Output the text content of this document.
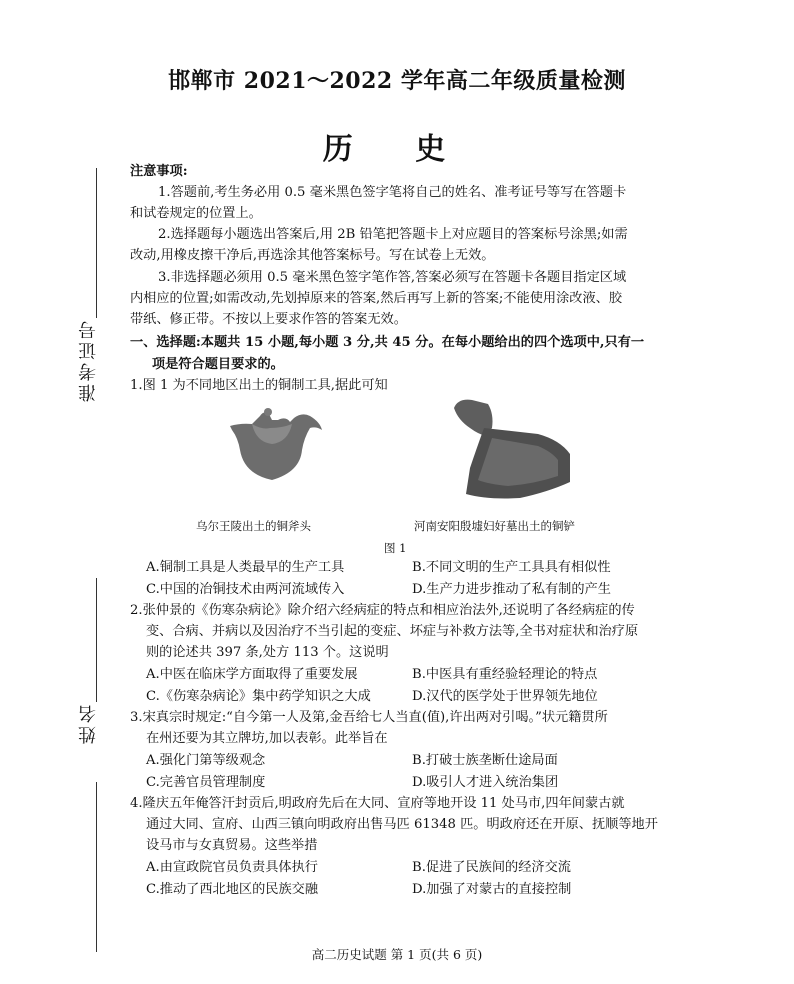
邯郸市 2021～2022 学年高二年级质量检测
历 史
准考证号
姓名
注意事项:
1.答题前,考生务必用 0.5 毫米黑色签字笔将自己的姓名、准考证号等写在答题卡
和试卷规定的位置上。
2.选择题每小题选出答案后,用 2B 铅笔把答题卡上对应题目的答案标号涂黑;如需
改动,用橡皮擦干净后,再选涂其他答案标号。写在试卷上无效。
3.非选择题必须用 0.5 毫米黑色签字笔作答,答案必须写在答题卡各题目指定区域
内相应的位置;如需改动,先划掉原来的答案,然后再写上新的答案;不能使用涂改液、胶
带纸、修正带。不按以上要求作答的答案无效。
一、选择题:本题共 15 小题,每小题 3 分,共 45 分。在每小题给出的四个选项中,只有一
项是符合题目要求的。
1.图 1 为不同地区出土的铜制工具,据此可知
乌尔王陵出土的铜斧头	河南安阳殷墟妇好墓出土的铜铲
图 1
A.铜制工具是人类最早的生产工具	B.不同文明的生产工具具有相似性
C.中国的冶铜技术由两河流域传入	D.生产力进步推动了私有制的产生
2.张仲景的《伤寒杂病论》除介绍六经病症的特点和相应治法外,还说明了各经病症的传
变、合病、并病以及因治疗不当引起的变症、坏症与补救方法等,全书对症状和治疗原
则的论述共 397 条,处方 113 个。这说明
A.中医在临床学方面取得了重要发展	B.中医具有重经验轻理论的特点
C.《伤寒杂病论》集中药学知识之大成	D.汉代的医学处于世界领先地位
3.宋真宗时规定:“自今第一人及第,金吾给七人当直(值),许出两对引喝。”状元籍贯所
在州还要为其立牌坊,加以表彰。此举旨在
A.强化门第等级观念	B.打破士族垄断仕途局面
C.完善官员管理制度	D.吸引人才进入统治集团
4.隆庆五年俺答汗封贡后,明政府先后在大同、宣府等地开设 11 处马市,四年间蒙古就
通过大同、宣府、山西三镇向明政府出售马匹 61348 匹。明政府还在开原、抚顺等地开
设马市与女真贸易。这些举措
A.由宣政院官员负责具体执行	B.促进了民族间的经济交流
C.推动了西北地区的民族交融	D.加强了对蒙古的直接控制
高二历史试题 第 1 页(共 6 页)
